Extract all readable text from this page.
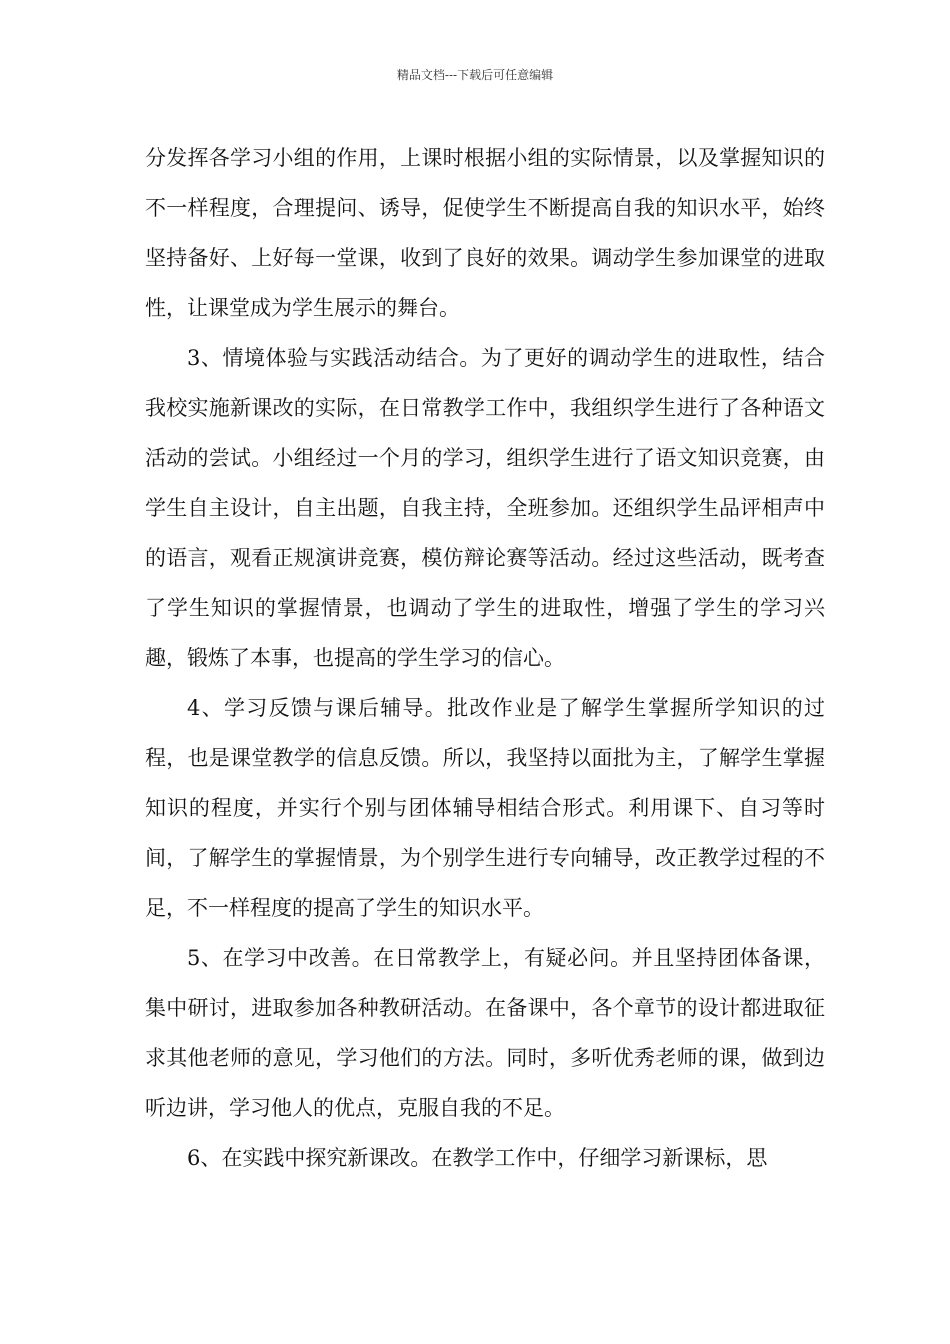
精品文档---下载后可任意编辑

分发挥各学习小组的作用，上课时根据小组的实际情景，以及掌握知识的不一样程度，合理提问、诱导，促使学生不断提高自我的知识水平，始终坚持备好、上好每一堂课，收到了良好的效果。调动学生参加课堂的进取性，让课堂成为学生展示的舞台。

3、情境体验与实践活动结合。为了更好的调动学生的进取性，结合我校实施新课改的实际，在日常教学工作中，我组织学生进行了各种语文活动的尝试。小组经过一个月的学习，组织学生进行了语文知识竞赛，由学生自主设计，自主出题，自我主持，全班参加。还组织学生品评相声中的语言，观看正规演讲竞赛，模仿辩论赛等活动。经过这些活动，既考查了学生知识的掌握情景，也调动了学生的进取性，增强了学生的学习兴趣，锻炼了本事，也提高的学生学习的信心。

4、学习反馈与课后辅导。批改作业是了解学生掌握所学知识的过程，也是课堂教学的信息反馈。所以，我坚持以面批为主，了解学生掌握知识的程度，并实行个别与团体辅导相结合形式。利用课下、自习等时间，了解学生的掌握情景，为个别学生进行专向辅导，改正教学过程的不足，不一样程度的提高了学生的知识水平。

5、在学习中改善。在日常教学上，有疑必问。并且坚持团体备课，集中研讨，进取参加各种教研活动。在备课中，各个章节的设计都进取征求其他老师的意见，学习他们的方法。同时，多听优秀老师的课，做到边听边讲，学习他人的优点，克服自我的不足。

6、在实践中探究新课改。在教学工作中，仔细学习新课标，思
